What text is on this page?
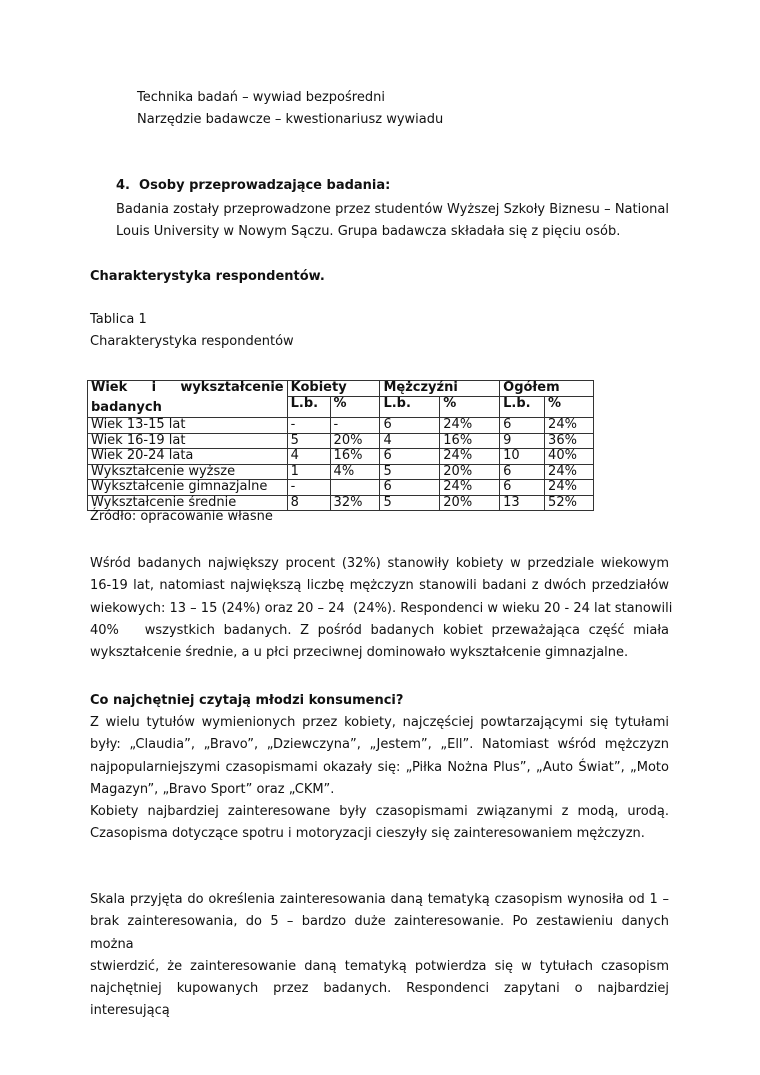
Technika badań – wywiad bezpośredni
Narzędzie badawcze – kwestionariusz wywiadu
4. Osoby przeprowadzające badania:
Badania zostały przeprowadzone przez studentów Wyższej Szkoły Biznesu – National
Louis University w Nowym Sączu. Grupa badawcza składała się z pięciu osób.
Charakterystyka respondentów.
Tablica 1
Charakterystyka respondentów
Wiek i wykształcenie
badanych	Kobiety		Mężczyźni		Ogółem	
	L.b.	%	L.b.	%	L.b.	%
Wiek 13-15 lat	-	-	6	24%	6	24%
Wiek 16-19 lat	5	20%	4	16%	9	36%
Wiek 20-24 lata	4	16%	6	24%	10	40%
Wykształcenie wyższe	1	4%	5	20%	6	24%
Wykształcenie gimnazjalne	-		6	24%	6	24%
Wykształcenie średnie	8	32%	5	20%	13	52%
Źródło: opracowanie własne
Wśród badanych największy procent (32%) stanowiły kobiety w przedziale wiekowym
16-19 lat, natomiast największą liczbę mężczyzn stanowili badani z dwóch przedziałów
wiekowych: 13 – 15 (24%) oraz 20 – 24  (24%). Respondenci w wieku 20 - 24 lat stanowili
40%   wszystkich badanych. Z pośród badanych kobiet przeważająca część miała
wykształcenie średnie, a u płci przeciwnej dominowało wykształcenie gimnazjalne.
Co najchętniej czytają młodzi konsumenci?
Z wielu tytułów wymienionych przez kobiety, najczęściej powtarzającymi się tytułami
były: „Claudia”, „Bravo”, „Dziewczyna”, „Jestem”, „Ell”. Natomiast wśród mężczyzn
najpopularniejszymi czasopismami okazały się: „Piłka Nożna Plus”, „Auto Świat”, „Moto
Magazyn”, „Bravo Sport” oraz „CKM”.
Kobiety najbardziej zainteresowane były czasopismami związanymi z modą, urodą.
Czasopisma dotyczące spotru i motoryzacji cieszyły się zainteresowaniem mężczyzn.
Skala przyjęta do określenia zainteresowania daną tematyką czasopism wynosiła od 1 –
brak zainteresowania, do 5 – bardzo duże zainteresowanie. Po zestawieniu danych można
stwierdzić, że zainteresowanie daną tematyką potwierdza się w tytułach czasopism
najchętniej kupowanych przez badanych. Respondenci zapytani o najbardziej interesującą
